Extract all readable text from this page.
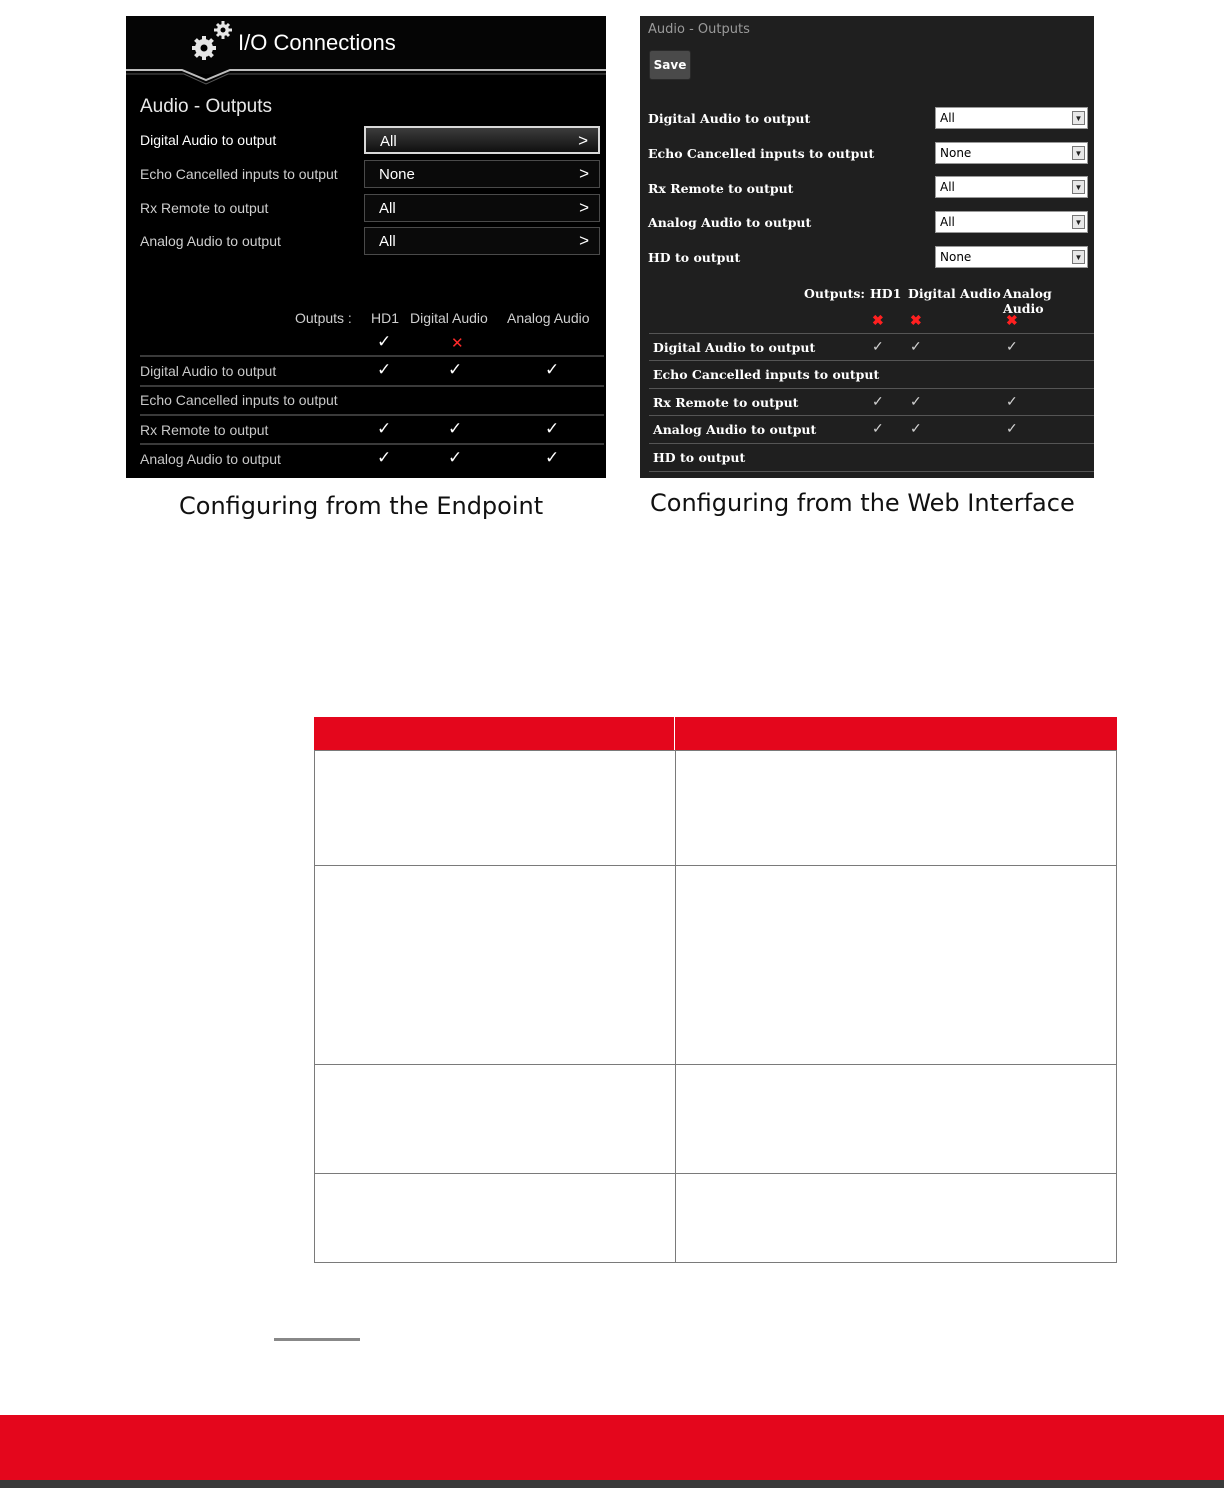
I/O Connections
Audio - Outputs
Digital Audio to output	All	>
Echo Cancelled inputs to output	None	>
Rx Remote to output	All	>
Analog Audio to output	All	>
Outputs : HD1 Digital Audio Analog Audio
✓	✕
Digital Audio to output	✓	✓	✓
Echo Cancelled inputs to output
Rx Remote to output	✓	✓	✓
Analog Audio to output	✓	✓	✓
Audio - Outputs
Save
Digital Audio to output	All	▼
Echo Cancelled inputs to output	None	▼
Rx Remote to output	All	▼
Analog Audio to output	All	▼
HD to output	None	▼
Outputs: HD1 Digital Audio Analog Audio
✖ ✖	✖
Digital Audio to output	✓ ✓	✓
Echo Cancelled inputs to output
Rx Remote to output	✓ ✓	✓
Analog Audio to output	✓ ✓	✓
HD to output
Configuring from the Endpoint	Configuring from the Web Interface
